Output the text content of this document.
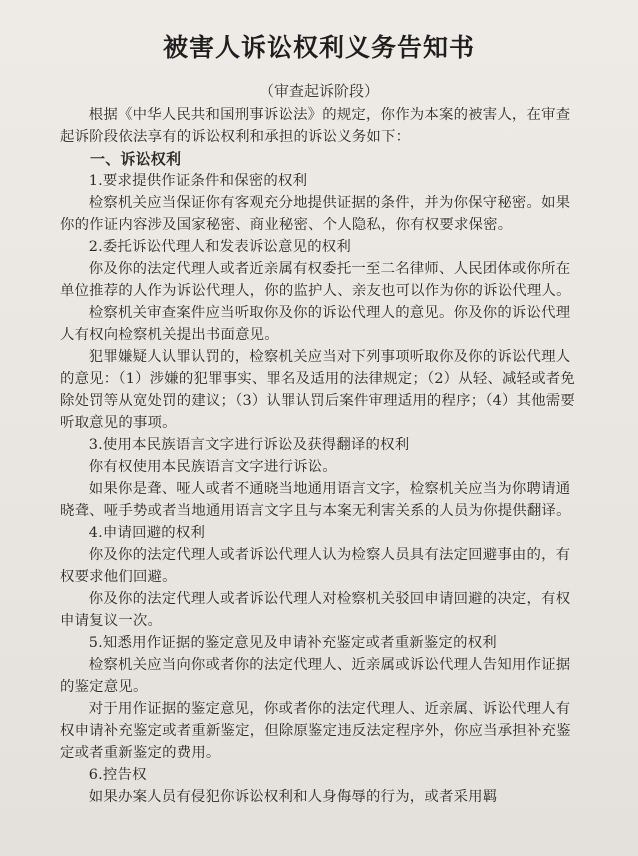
被害人诉讼权利义务告知书
（审查起诉阶段）

根据《中华人民共和国刑事诉讼法》的规定，你作为本案的被害人，在审查起诉阶段依法享有的诉讼权利和承担的诉讼义务如下：

一、诉讼权利

1.要求提供作证条件和保密的权利

检察机关应当保证你有客观充分地提供证据的条件，并为你保守秘密。如果你的作证内容涉及国家秘密、商业秘密、个人隐私，你有权要求保密。

2.委托诉讼代理人和发表诉讼意见的权利

你及你的法定代理人或者近亲属有权委托一至二名律师、人民团体或你所在单位推荐的人作为诉讼代理人，你的监护人、亲友也可以作为你的诉讼代理人。

检察机关审查案件应当听取你及你的诉讼代理人的意见。你及你的诉讼代理人有权向检察机关提出书面意见。

犯罪嫌疑人认罪认罚的，检察机关应当对下列事项听取你及你的诉讼代理人的意见：（1）涉嫌的犯罪事实、罪名及适用的法律规定；（2）从轻、减轻或者免除处罚等从宽处罚的建议；（3）认罪认罚后案件审理适用的程序；（4）其他需要听取意见的事项。

3.使用本民族语言文字进行诉讼及获得翻译的权利

你有权使用本民族语言文字进行诉讼。

如果你是聋、哑人或者不通晓当地通用语言文字，检察机关应当为你聘请通晓聋、哑手势或者当地通用语言文字且与本案无利害关系的人员为你提供翻译。

4.申请回避的权利

你及你的法定代理人或者诉讼代理人认为检察人员具有法定回避事由的，有权要求他们回避。

你及你的法定代理人或者诉讼代理人对检察机关驳回申请回避的决定，有权申请复议一次。

5.知悉用作证据的鉴定意见及申请补充鉴定或者重新鉴定的权利

检察机关应当向你或者你的法定代理人、近亲属或诉讼代理人告知用作证据的鉴定意见。

对于用作证据的鉴定意见，你或者你的法定代理人、近亲属、诉讼代理人有权申请补充鉴定或者重新鉴定，但除原鉴定违反法定程序外，你应当承担补充鉴定或者重新鉴定的费用。

6.控告权

如果办案人员有侵犯你诉讼权利和人身侮辱的行为，或者采用羁
